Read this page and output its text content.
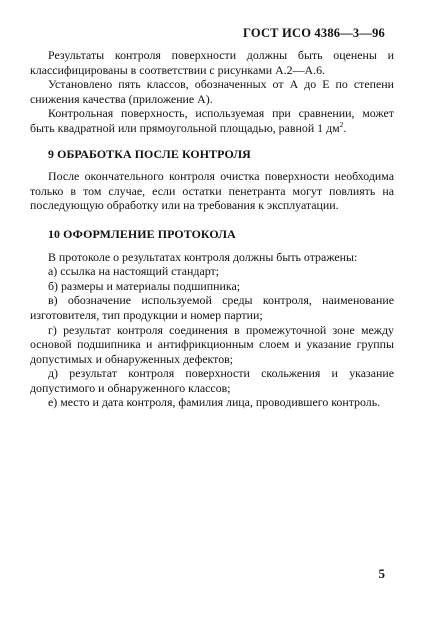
ГОСТ ИСО 4386—3—96

Результаты контроля поверхности должны быть оценены и классифицированы в соответствии с рисунками А.2—А.6.

Установлено пять классов, обозначенных от А до Е по степени снижения качества (приложение А).

Контрольная поверхность, используемая при сравнении, может быть квадратной или прямоугольной площадью, равной 1 $дм^2$.

9 ОБРАБОТКА ПОСЛЕ КОНТРОЛЯ

После окончательного контроля очистка поверхности необходима только в том случае, если остатки пенетранта могут повлиять на последующую обработку или на требования к эксплуатации.

10 ОФОРМЛЕНИЕ ПРОТОКОЛА

В протоколе о результатах контроля должны быть отражены:

а) ссылка на настоящий стандарт;

б) размеры и материалы подшипника;

в) обозначение используемой среды контроля, наименование изготовителя, тип продукции и номер партии;

г) результат контроля соединения в промежуточной зоне между основой подшипника и антифрикционным слоем и указание группы допустимых и обнаруженных дефектов;

д) результат контроля поверхности скольжения и указание допустимого и обнаруженного классов;

е) место и дата контроля, фамилия лица, проводившего контроль.

5
